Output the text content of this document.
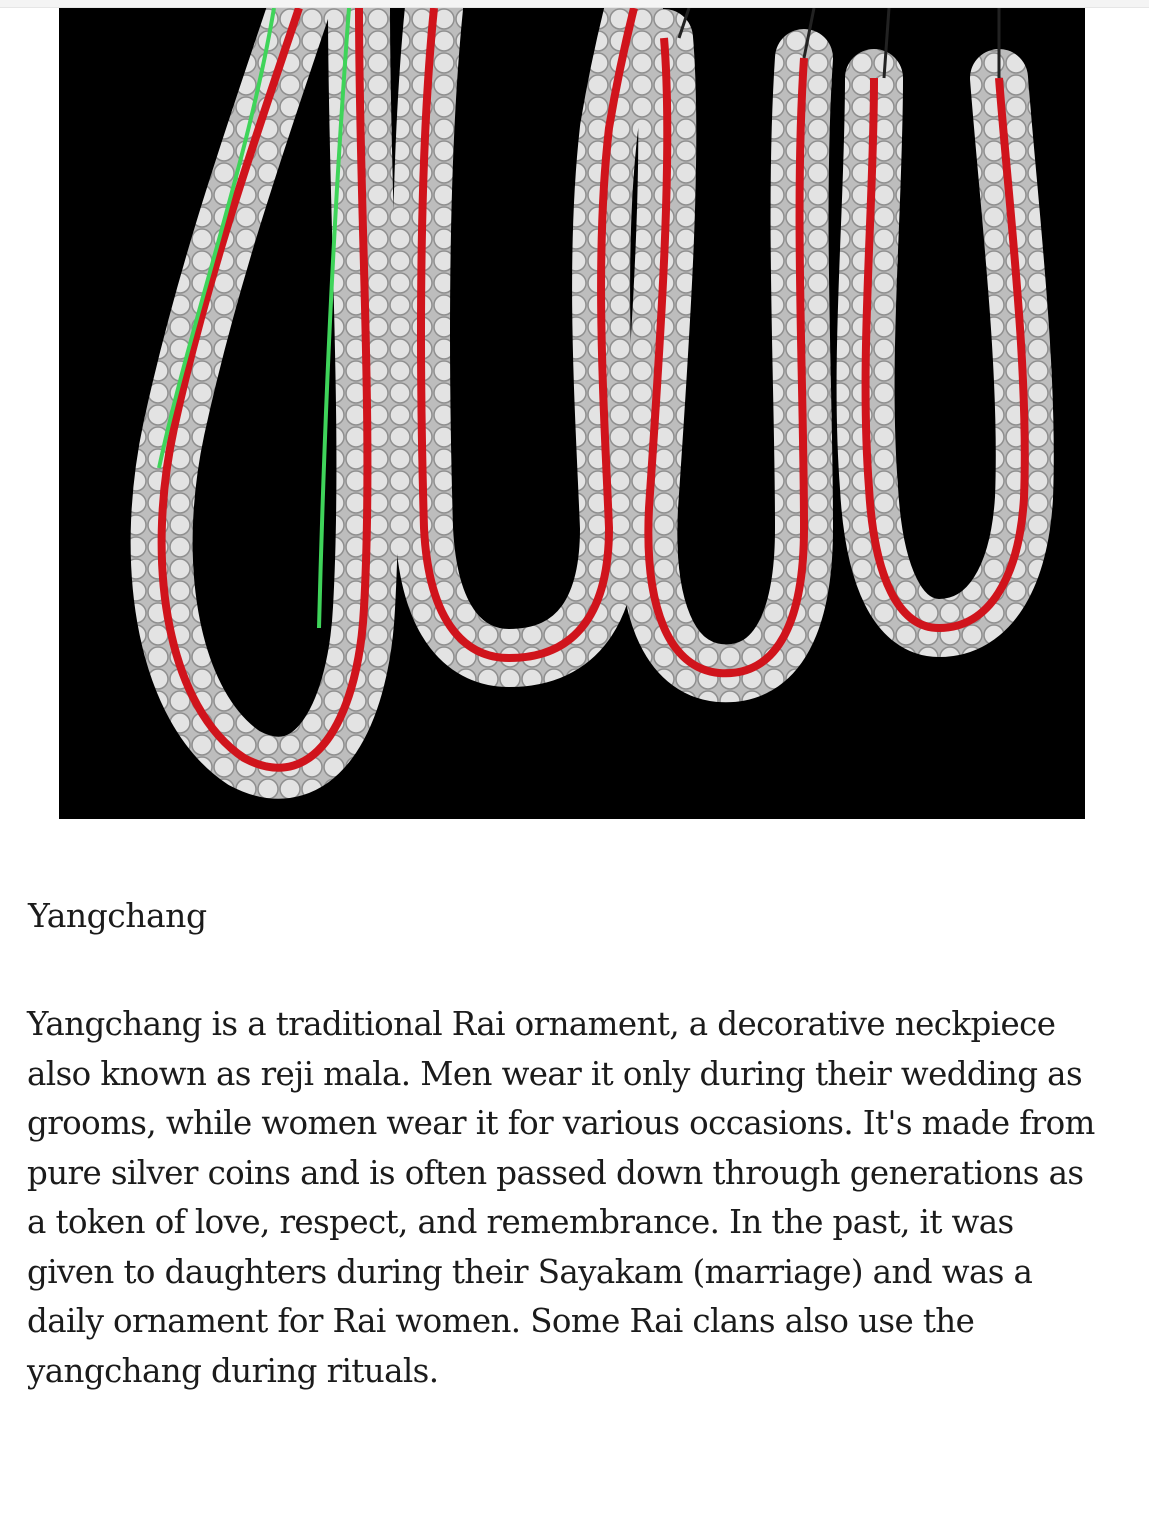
Yangchang

Yangchang is a traditional Rai ornament, a decorative neckpiece also known as reji mala. Men wear it only during their wedding as grooms, while women wear it for various occasions. It's made from pure silver coins and is often passed down through generations as a token of love, respect, and remembrance. In the past, it was given to daughters during their Sayakam (marriage) and was a daily ornament for Rai women. Some Rai clans also use the yangchang during rituals.
